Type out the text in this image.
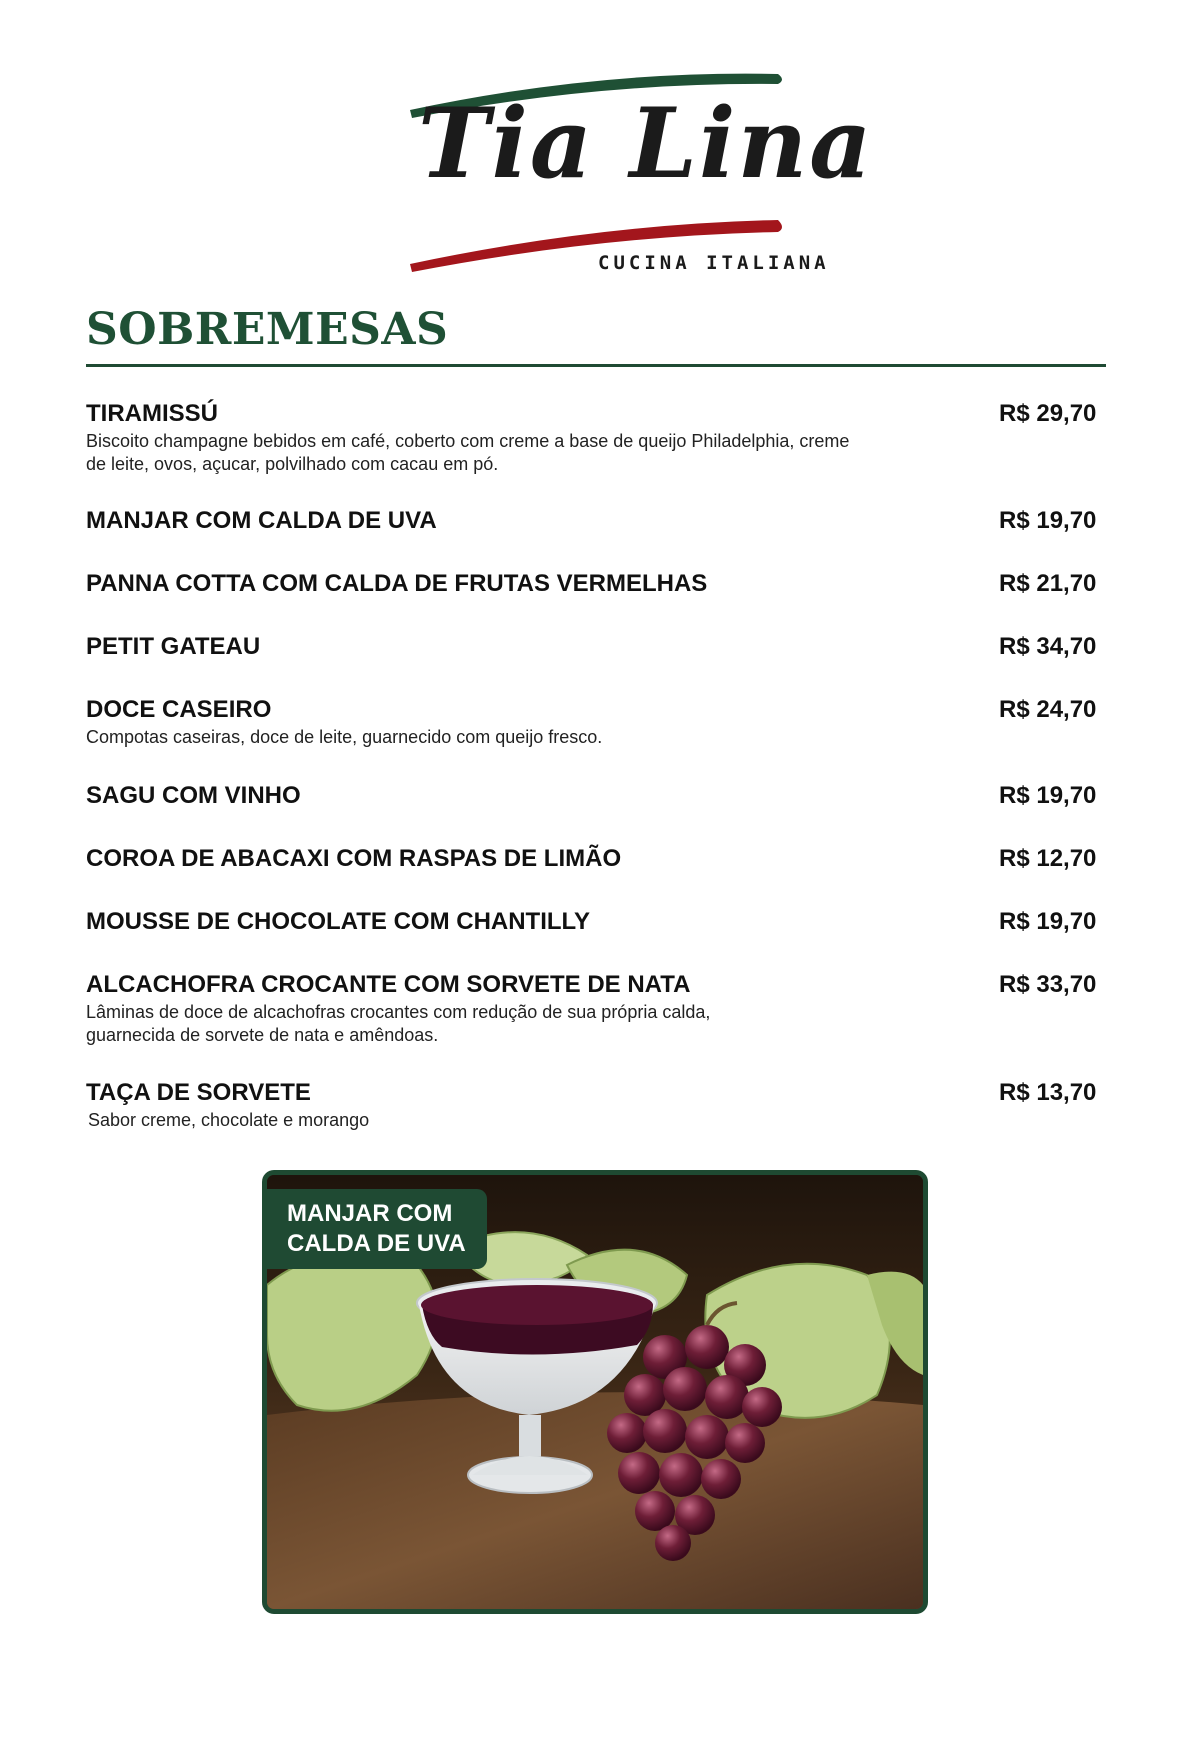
Tia Lina
CUCINA ITALIANA
SOBREMESAS
TIRAMISSÚ	R$ 29,70
Biscoito champagne bebidos em café, coberto com creme a base de queijo Philadelphia, creme de leite, ovos, açucar, polvilhado com cacau em pó.
MANJAR COM CALDA DE UVA	R$ 19,70
PANNA COTTA COM CALDA DE FRUTAS VERMELHAS	R$ 21,70
PETIT GATEAU	R$ 34,70
DOCE CASEIRO	R$ 24,70
Compotas caseiras, doce de leite, guarnecido com queijo fresco.
SAGU COM VINHO	R$ 19,70
COROA DE ABACAXI COM RASPAS DE LIMÃO	R$ 12,70
MOUSSE DE CHOCOLATE COM CHANTILLY	R$ 19,70
ALCACHOFRA CROCANTE COM SORVETE DE NATA	R$ 33,70
Lâminas de doce de alcachofras crocantes com redução de sua própria calda, guarnecida de sorvete de nata e amêndoas.
TAÇA DE SORVETE	R$ 13,70
Sabor creme, chocolate e morango
MANJAR COM CALDA DE UVA
